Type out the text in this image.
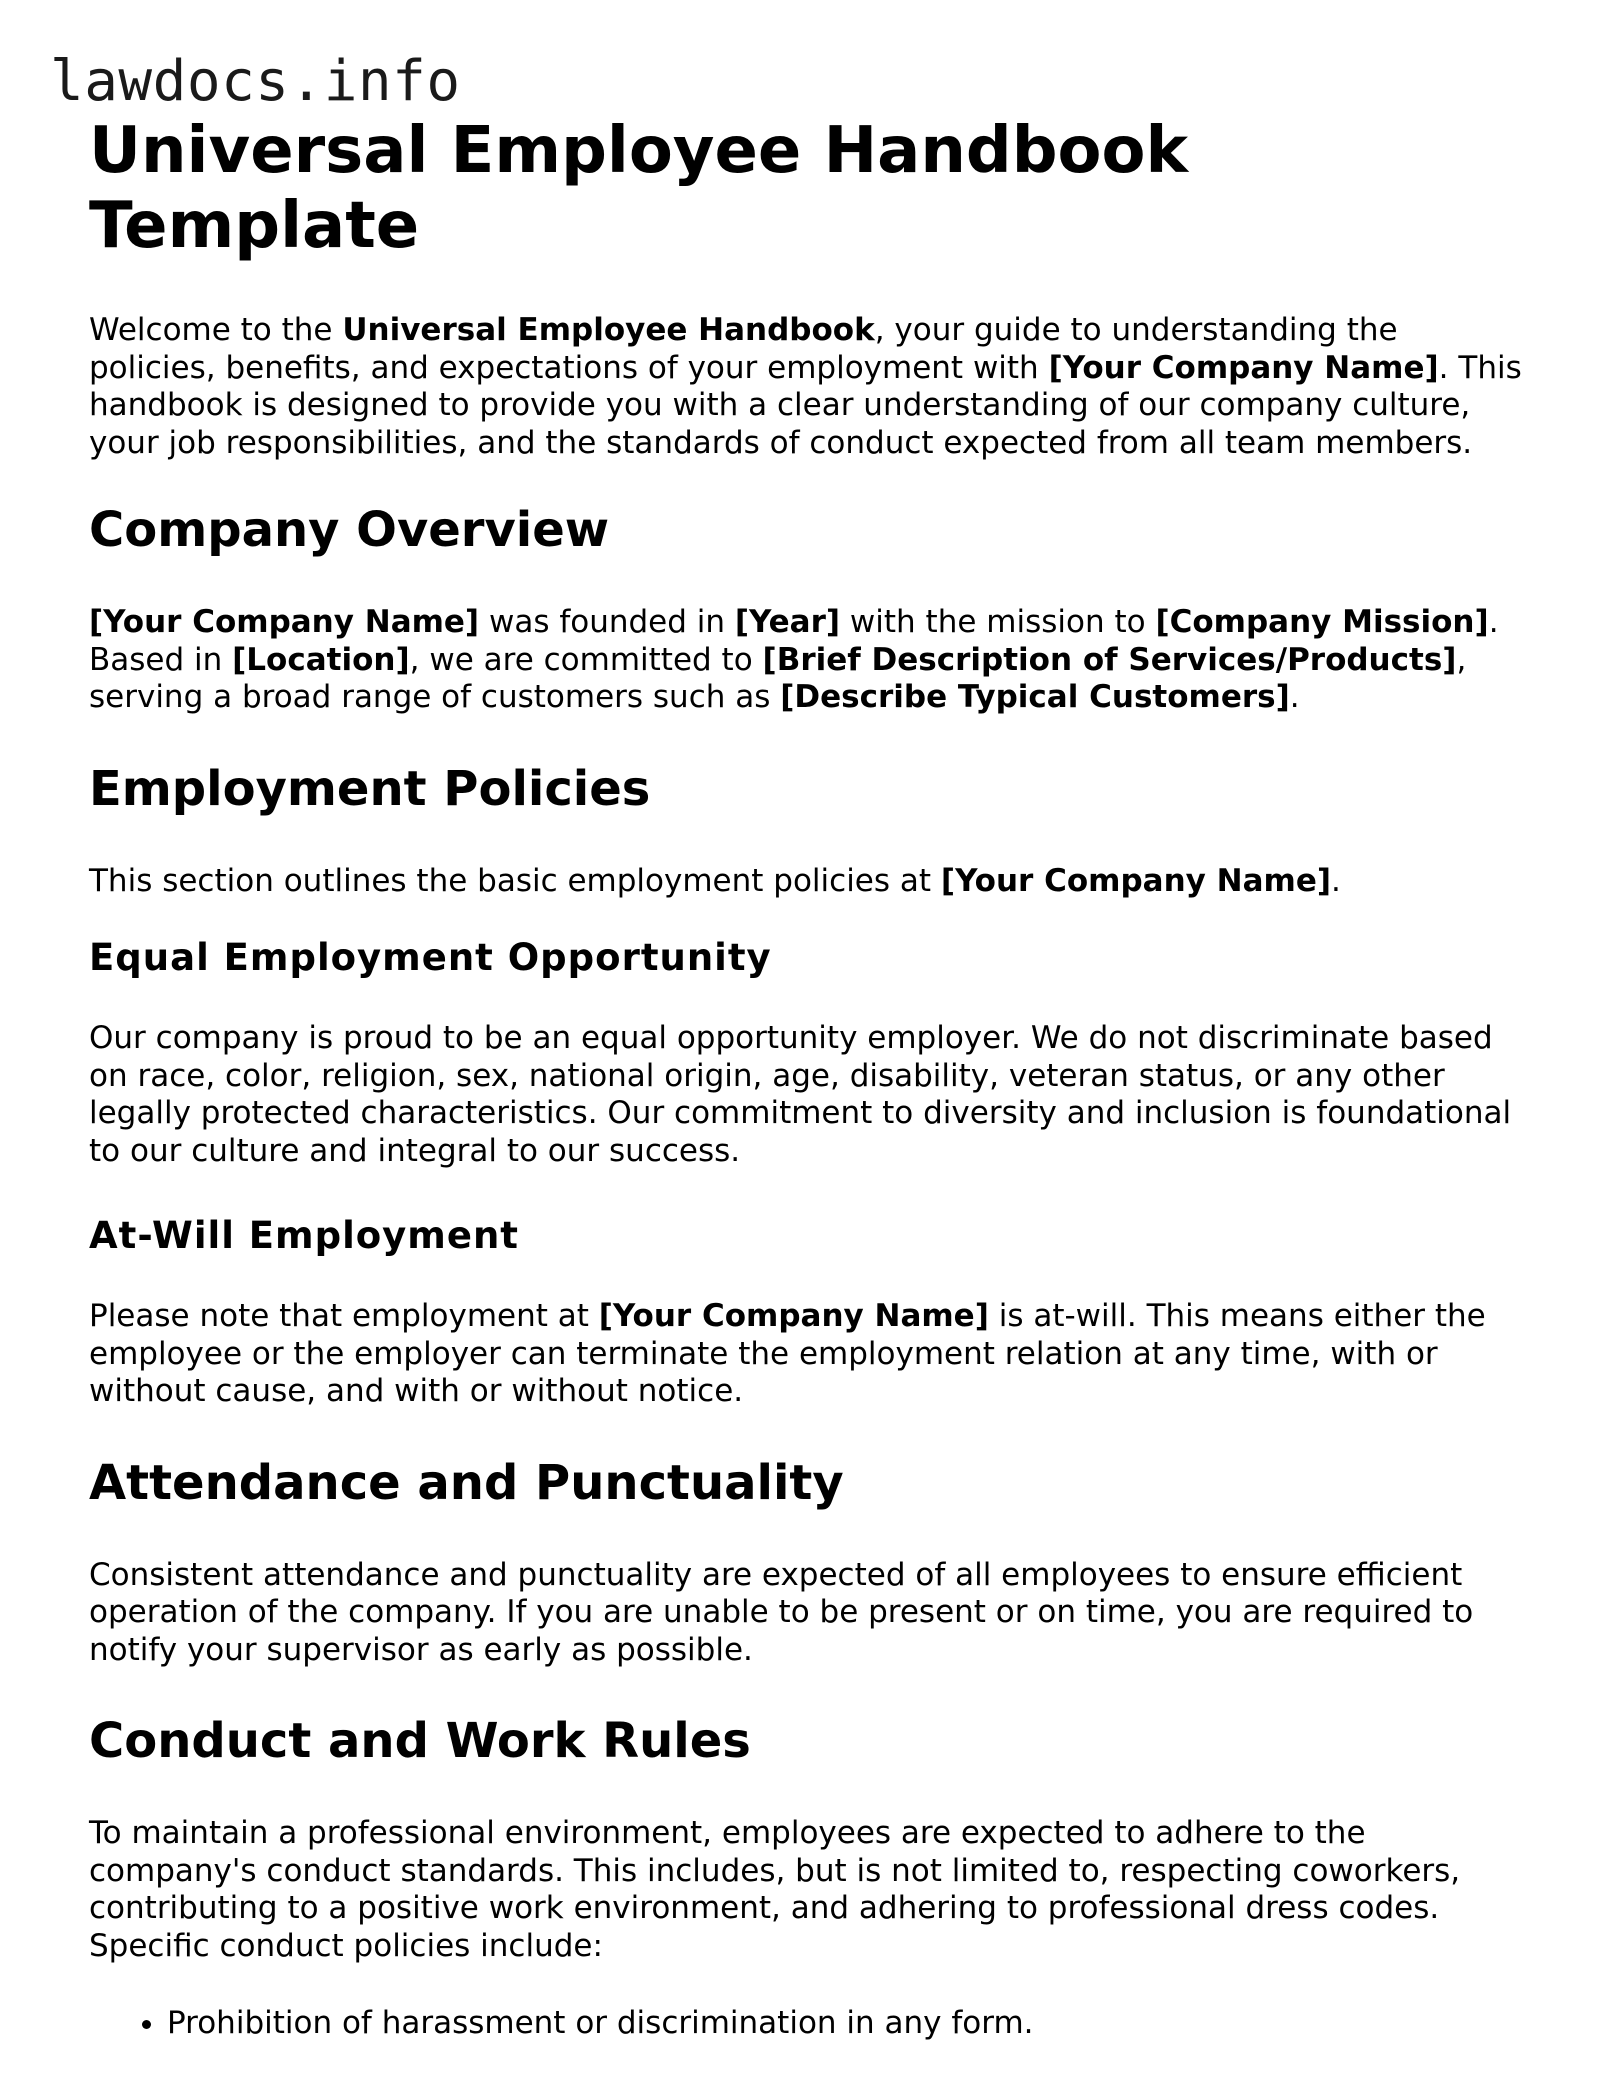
lawdocs.info
Universal Employee Handbook Template

Welcome to the Universal Employee Handbook, your guide to understanding the policies, benefits, and expectations of your employment with [Your Company Name]. This handbook is designed to provide you with a clear understanding of our company culture, your job responsibilities, and the standards of conduct expected from all team members.

Company Overview

[Your Company Name] was founded in [Year] with the mission to [Company Mission]. Based in [Location], we are committed to [Brief Description of Services/Products], serving a broad range of customers such as [Describe Typical Customers].

Employment Policies

This section outlines the basic employment policies at [Your Company Name].

Equal Employment Opportunity

Our company is proud to be an equal opportunity employer. We do not discriminate based on race, color, religion, sex, national origin, age, disability, veteran status, or any other legally protected characteristics. Our commitment to diversity and inclusion is foundational to our culture and integral to our success.

At-Will Employment

Please note that employment at [Your Company Name] is at-will. This means either the employee or the employer can terminate the employment relation at any time, with or without cause, and with or without notice.

Attendance and Punctuality

Consistent attendance and punctuality are expected of all employees to ensure efficient operation of the company. If you are unable to be present or on time, you are required to notify your supervisor as early as possible.

Conduct and Work Rules

To maintain a professional environment, employees are expected to adhere to the company's conduct standards. This includes, but is not limited to, respecting coworkers, contributing to a positive work environment, and adhering to professional dress codes. Specific conduct policies include:

• Prohibition of harassment or discrimination in any form.
